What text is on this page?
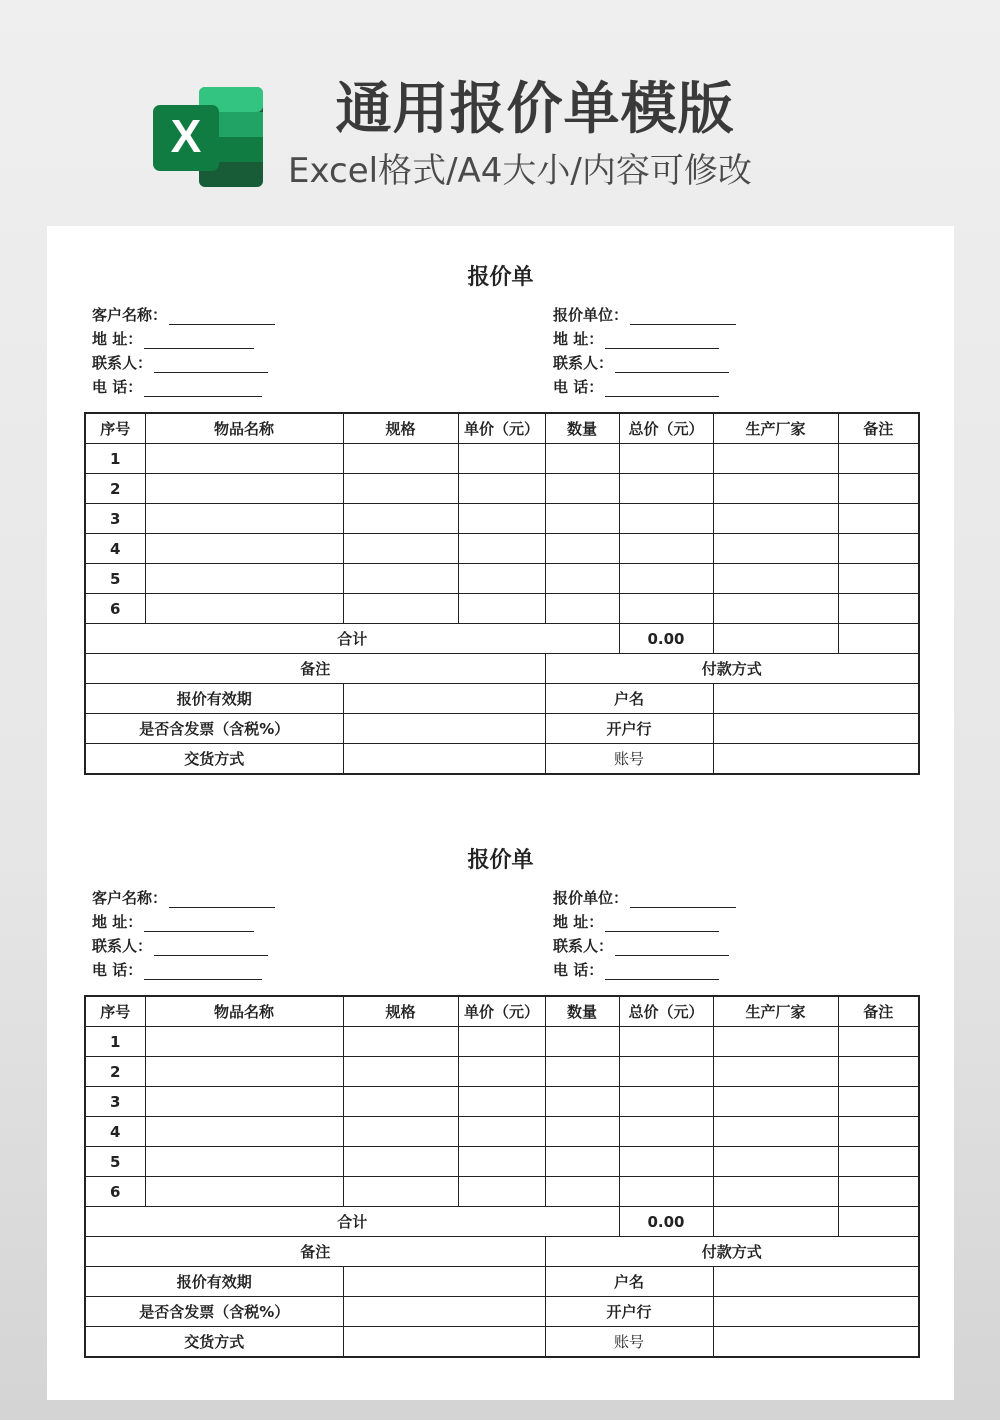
X	通用报价单模版
Excel格式/A4大小/内容可修改
报价单
客户名称：
地 址：
联系人：
电 话：
报价单位：
地 址：
联系人：
电 话：
序号	物品名称	规格	单价（元）	数量	总价（元）	生产厂家	备注
1							
2							
3							
4							
5							
6							
合计					0.00		
备注				付款方式			
报价有效期				户名			
是否含发票（含税%）				开户行			
交货方式				账号			
报价单
客户名称：
地 址：
联系人：
电 话：
报价单位：
地 址：
联系人：
电 话：
序号	物品名称	规格	单价（元）	数量	总价（元）	生产厂家	备注
1							
2							
3							
4							
5							
6							
合计					0.00		
备注				付款方式			
报价有效期				户名			
是否含发票（含税%）				开户行			
交货方式				账号			
